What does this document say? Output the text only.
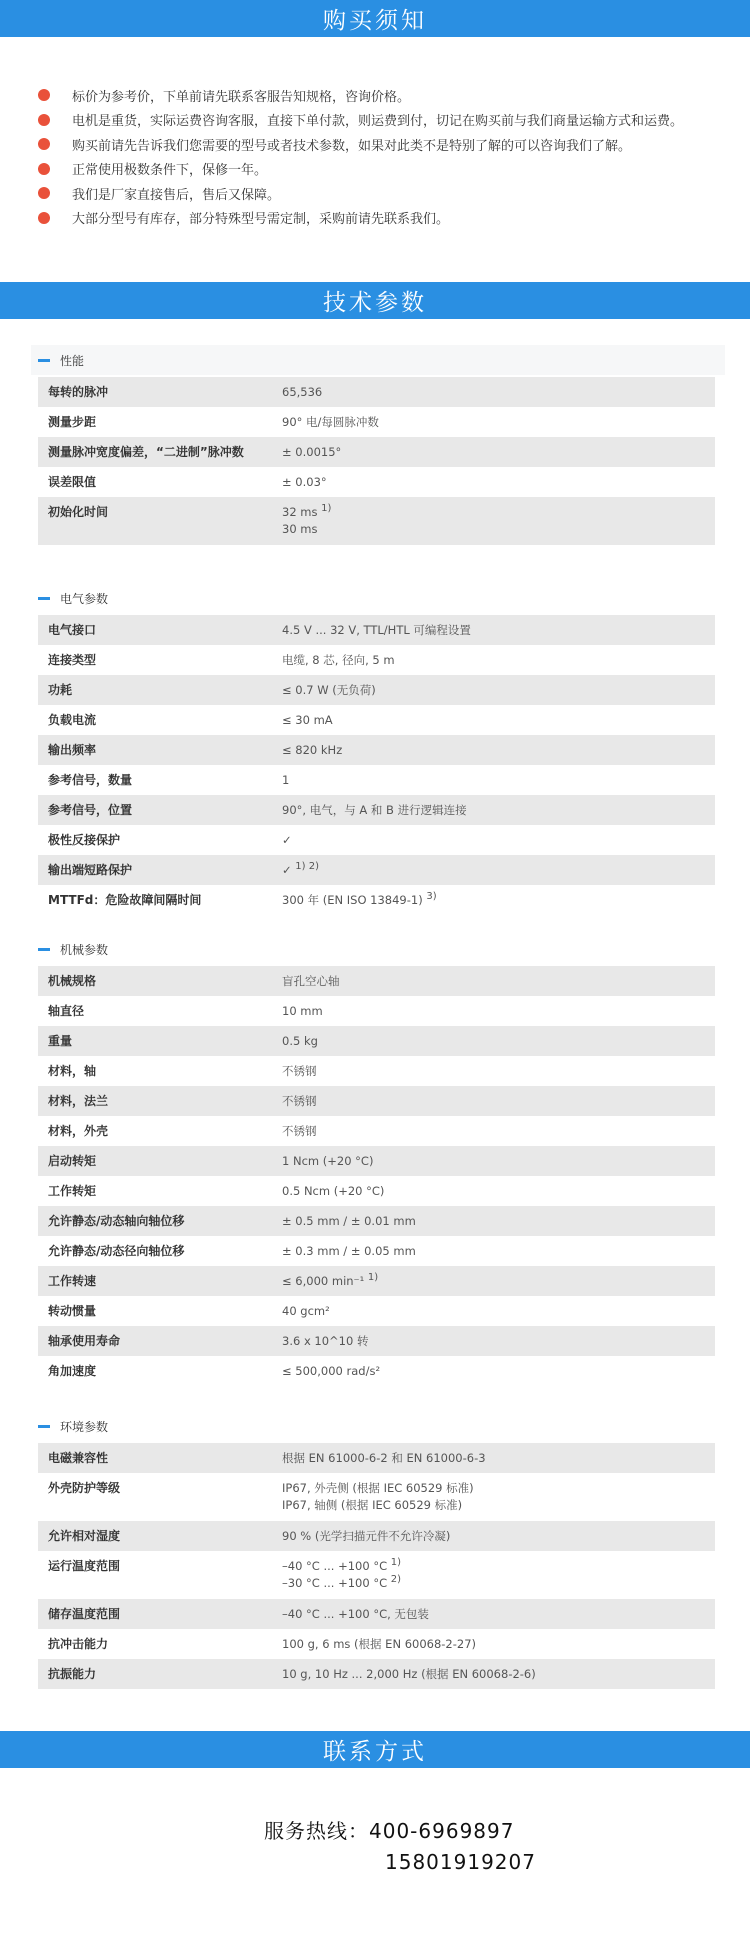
购买须知
标价为参考价，下单前请先联系客服告知规格，咨询价格。
电机是重货，实际运费咨询客服，直接下单付款，则运费到付，切记在购买前与我们商量运输方式和运费。
购买前请先告诉我们您需要的型号或者技术参数，如果对此类不是特别了解的可以咨询我们了解。
正常使用极数条件下，保修一年。
我们是厂家直接售后，售后又保障。
大部分型号有库存，部分特殊型号需定制，采购前请先联系我们。
技术参数
性能
每转的脉冲	65,536
测量步距	90° 电/每圆脉冲数
测量脉冲宽度偏差，“二进制”脉冲数	± 0.0015°
误差限值	± 0.03°
初始化时间	32 ms $^{1)}$
30 ms
电气参数
电气接口	4.5 V ... 32 V, TTL/HTL 可编程设置
连接类型	电缆, 8 芯, 径向, 5 m
功耗	≤ 0.7 W (无负荷)
负载电流	≤ 30 mA
输出频率	≤ 820 kHz
参考信号，数量	1
参考信号，位置	90°, 电气，与 A 和 B 进行逻辑连接
极性反接保护	✓
输出端短路保护	✓ $^{1) 2)}$
MTTFd：危险故障间隔时间	300 年 (EN ISO 13849-1) $^{3)}$
机械参数
机械规格	盲孔空心轴
轴直径	10 mm
重量	0.5 kg
材料，轴	不锈钢
材料，法兰	不锈钢
材料，外壳	不锈钢
启动转矩	1 Ncm (+20 °C)
工作转矩	0.5 Ncm (+20 °C)
允许静态/动态轴向轴位移	± 0.5 mm / ± 0.01 mm
允许静态/动态径向轴位移	± 0.3 mm / ± 0.05 mm
工作转速	≤ 6,000 min⁻¹ $^{1)}$
转动惯量	40 gcm²
轴承使用寿命	3.6 x 10^10 转
角加速度	≤ 500,000 rad/s²
环境参数
电磁兼容性	根据 EN 61000-6-2 和 EN 61000-6-3
外壳防护等级	IP67, 外壳侧 (根据 IEC 60529 标准)
IP67, 轴侧 (根据 IEC 60529 标准)
允许相对湿度	90 % (光学扫描元件不允许冷凝)
运行温度范围	–40 °C ... +100 °C $^{1)}$
–30 °C ... +100 °C $^{2)}$
储存温度范围	–40 °C ... +100 °C, 无包装
抗冲击能力	100 g, 6 ms (根据 EN 60068-2-27)
抗振能力	10 g, 10 Hz ... 2,000 Hz (根据 EN 60068-2-6)
联系方式
服务热线：400-6969897
15801919207
